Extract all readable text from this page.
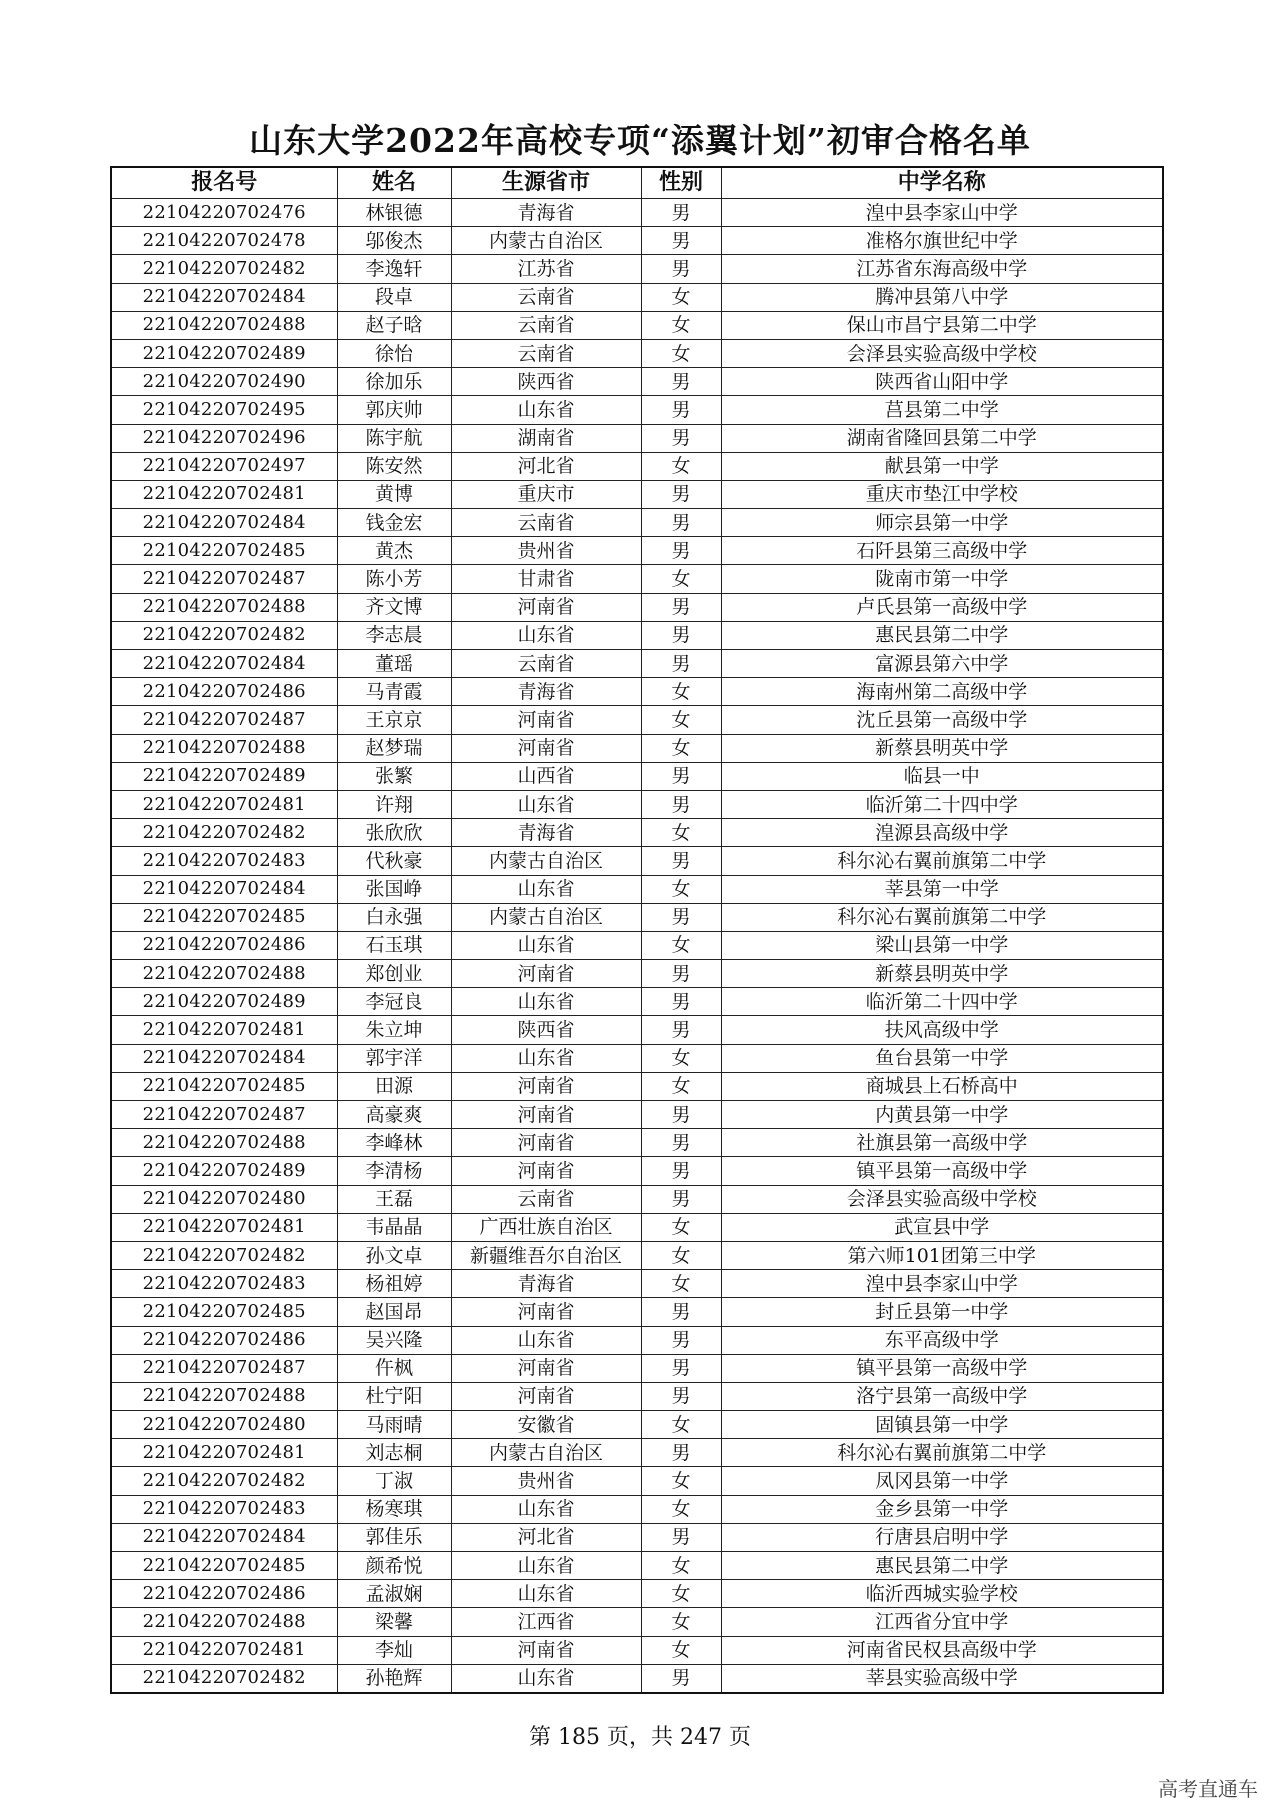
山东大学2022年高校专项“添翼计划”初审合格名单
报名号	姓名	生源省市	性别	中学名称
22104220702476	林银德	青海省	男	湟中县李家山中学
22104220702478	邬俊杰	内蒙古自治区	男	准格尔旗世纪中学
22104220702482	李逸轩	江苏省	男	江苏省东海高级中学
22104220702484	段卓	云南省	女	腾冲县第八中学
22104220702488	赵子晗	云南省	女	保山市昌宁县第二中学
22104220702489	徐怡	云南省	女	会泽县实验高级中学校
22104220702490	徐加乐	陕西省	男	陕西省山阳中学
22104220702495	郭庆帅	山东省	男	莒县第二中学
22104220702496	陈宇航	湖南省	男	湖南省隆回县第二中学
22104220702497	陈安然	河北省	女	献县第一中学
22104220702481	黄博	重庆市	男	重庆市垫江中学校
22104220702484	钱金宏	云南省	男	师宗县第一中学
22104220702485	黄杰	贵州省	男	石阡县第三高级中学
22104220702487	陈小芳	甘肃省	女	陇南市第一中学
22104220702488	齐文博	河南省	男	卢氏县第一高级中学
22104220702482	李志晨	山东省	男	惠民县第二中学
22104220702484	董瑶	云南省	男	富源县第六中学
22104220702486	马青霞	青海省	女	海南州第二高级中学
22104220702487	王京京	河南省	女	沈丘县第一高级中学
22104220702488	赵梦瑞	河南省	女	新蔡县明英中学
22104220702489	张繁	山西省	男	临县一中
22104220702481	许翔	山东省	男	临沂第二十四中学
22104220702482	张欣欣	青海省	女	湟源县高级中学
22104220702483	代秋豪	内蒙古自治区	男	科尔沁右翼前旗第二中学
22104220702484	张国峥	山东省	女	莘县第一中学
22104220702485	白永强	内蒙古自治区	男	科尔沁右翼前旗第二中学
22104220702486	石玉琪	山东省	女	梁山县第一中学
22104220702488	郑创业	河南省	男	新蔡县明英中学
22104220702489	李冠良	山东省	男	临沂第二十四中学
22104220702481	朱立坤	陕西省	男	扶风高级中学
22104220702484	郭宇洋	山东省	女	鱼台县第一中学
22104220702485	田源	河南省	女	商城县上石桥高中
22104220702487	高豪爽	河南省	男	内黄县第一中学
22104220702488	李峰林	河南省	男	社旗县第一高级中学
22104220702489	李清杨	河南省	男	镇平县第一高级中学
22104220702480	王磊	云南省	男	会泽县实验高级中学校
22104220702481	韦晶晶	广西壮族自治区	女	武宣县中学
22104220702482	孙文卓	新疆维吾尔自治区	女	第六师101团第三中学
22104220702483	杨祖婷	青海省	女	湟中县李家山中学
22104220702485	赵国昂	河南省	男	封丘县第一中学
22104220702486	吴兴隆	山东省	男	东平高级中学
22104220702487	仵枫	河南省	男	镇平县第一高级中学
22104220702488	杜宁阳	河南省	男	洛宁县第一高级中学
22104220702480	马雨晴	安徽省	女	固镇县第一中学
22104220702481	刘志桐	内蒙古自治区	男	科尔沁右翼前旗第二中学
22104220702482	丁淑	贵州省	女	凤冈县第一中学
22104220702483	杨寒琪	山东省	女	金乡县第一中学
22104220702484	郭佳乐	河北省	男	行唐县启明中学
22104220702485	颜希悦	山东省	女	惠民县第二中学
22104220702486	孟淑娴	山东省	女	临沂西城实验学校
22104220702488	梁馨	江西省	女	江西省分宜中学
22104220702481	李灿	河南省	女	河南省民权县高级中学
22104220702482	孙艳辉	山东省	男	莘县实验高级中学
第 185 页，共 247 页
高考直通车
